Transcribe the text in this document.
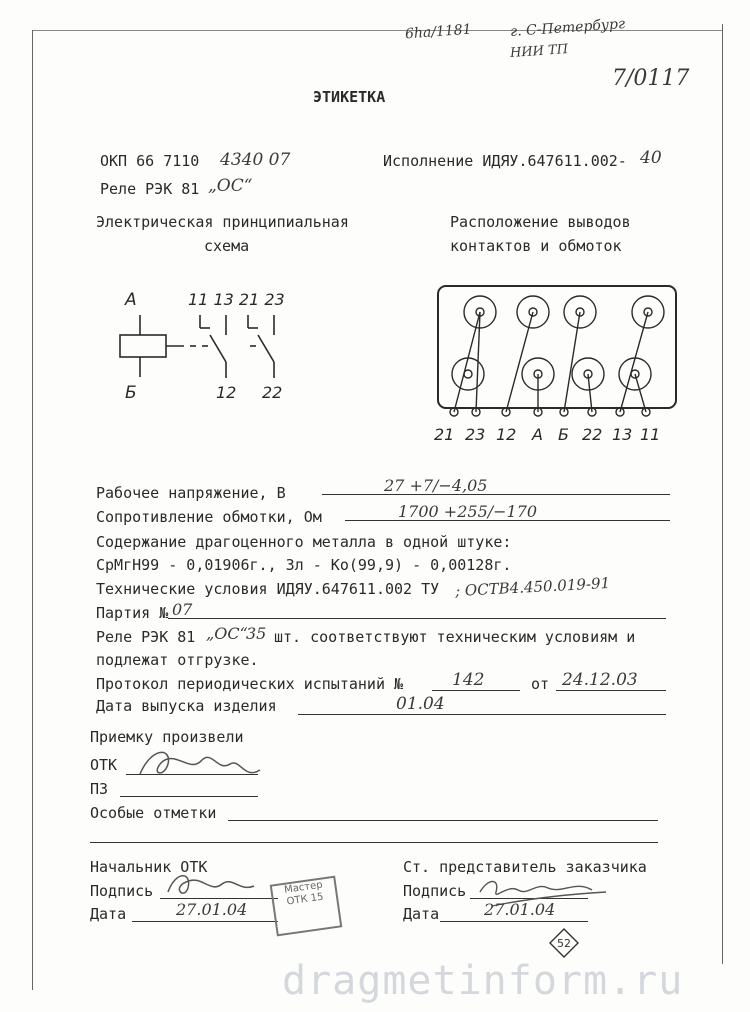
6ha/1181	г. С-Петербург
НИИ ТП
7/0117
ЭТИКЕТКА
ОКП 66 7110 4340 07	Исполнение ИДЯУ.647611.002- 40
Реле РЭК 81 „ОС“
Электрическая принципиальная
схема
Расположение выводов
контактов и обмоток
А	11 13 21 23
Б	12 22
21 23 12 А Б 22 13 11
Рабочее напряжение, В	27 +7/−4,05
Сопротивление обмотки, Ом	1700 +255/−170
Содержание драгоценного металла в одной штуке:
СрМгН99 - 0,01906г., Зл - Ко(99,9) - 0,00128г.
Технические условия ИДЯУ.647611.002 ТУ ; ОСТВ4.450.019-91
Партия № 07
Реле РЭК 81 „ОС“
35 шт. соответствуют техническим условиям и
подлежат отгрузке.
Протокол периодических испытаний №	142	от 24.12.03
Дата выпуска изделия	01.04
Приемку произвели
ОТК
ПЗ
Особые отметки
Начальник ОТК
Подпись
Дата	27.01.04
Ст. представитель заказчика
Подпись
Дата	27.01.04
Мастер ОТК 15
52
dragmetinform.ru
